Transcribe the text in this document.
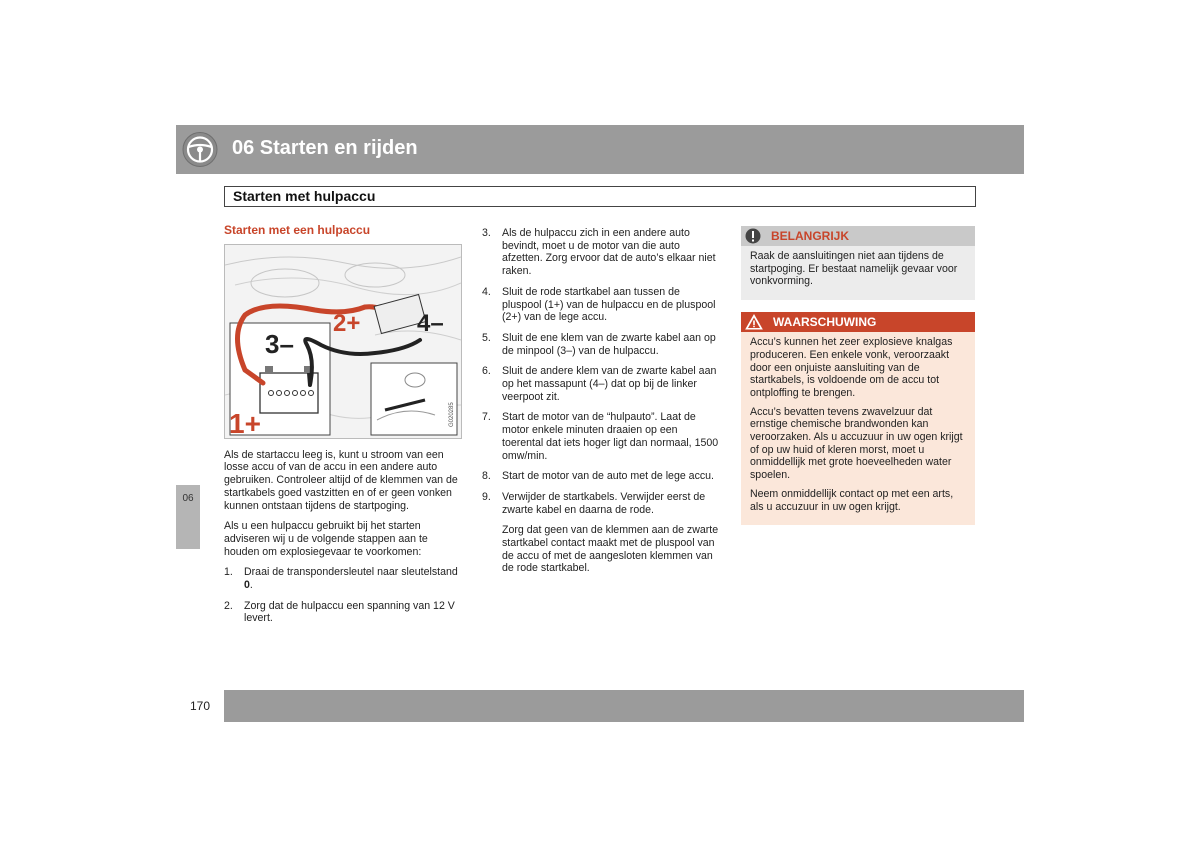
06 Starten en rijden
Starten met hulpaccu
06
Starten met een hulpaccu
1+
2+
3–
4–
G020285

Als de startaccu leeg is, kunt u stroom van een losse accu of van de accu in een andere auto gebruiken. Controleer altijd of de klemmen van de startkabels goed vastzitten en of er geen vonken kunnen ontstaan tijdens de startpoging.

Als u een hulpaccu gebruikt bij het starten adviseren wij u de volgende stappen aan te houden om explosiegevaar te voorkomen:

1.	Draai de transpondersleutel naar sleutelstand 0.
2.	Zorg dat de hulpaccu een spanning van 12 V levert.
3.	Als de hulpaccu zich in een andere auto bevindt, moet u de motor van die auto afzetten. Zorg ervoor dat de auto’s elkaar niet raken.
4.	Sluit de rode startkabel aan tussen de pluspool (1+) van de hulpaccu en de pluspool (2+) van de lege accu.
5.	Sluit de ene klem van de zwarte kabel aan op de minpool (3–) van de hulpaccu.
6.	Sluit de andere klem van de zwarte kabel aan op het massapunt (4–) dat op bij de linker veerpoot zit.
7.	Start de motor van de “hulpauto”. Laat de motor enkele minuten draaien op een toerental dat iets hoger ligt dan normaal, 1500 omw/min.
8.	Start de motor van de auto met de lege accu.
9.	Verwijder de startkabels. Verwijder eerst de zwarte kabel en daarna de rode.

Zorg dat geen van de klemmen aan de zwarte startkabel contact maakt met de pluspool van de accu of met de aangesloten klemmen van de rode startkabel.

BELANGRIJK

Raak de aansluitingen niet aan tijdens de startpoging. Er bestaat namelijk gevaar voor vonkvorming.

WAARSCHUWING

Accu’s kunnen het zeer explosieve knalgas produceren. Een enkele vonk, veroorzaakt door een onjuiste aansluiting van de startkabels, is voldoende om de accu tot ontploffing te brengen.

Accu’s bevatten tevens zwavelzuur dat ernstige chemische brandwonden kan veroorzaken. Als u accuzuur in uw ogen krijgt of op uw huid of kleren morst, moet u onmiddellijk met grote hoeveelheden water spoelen.

Neem onmiddellijk contact op met een arts, als u accuzuur in uw ogen krijgt.

170
